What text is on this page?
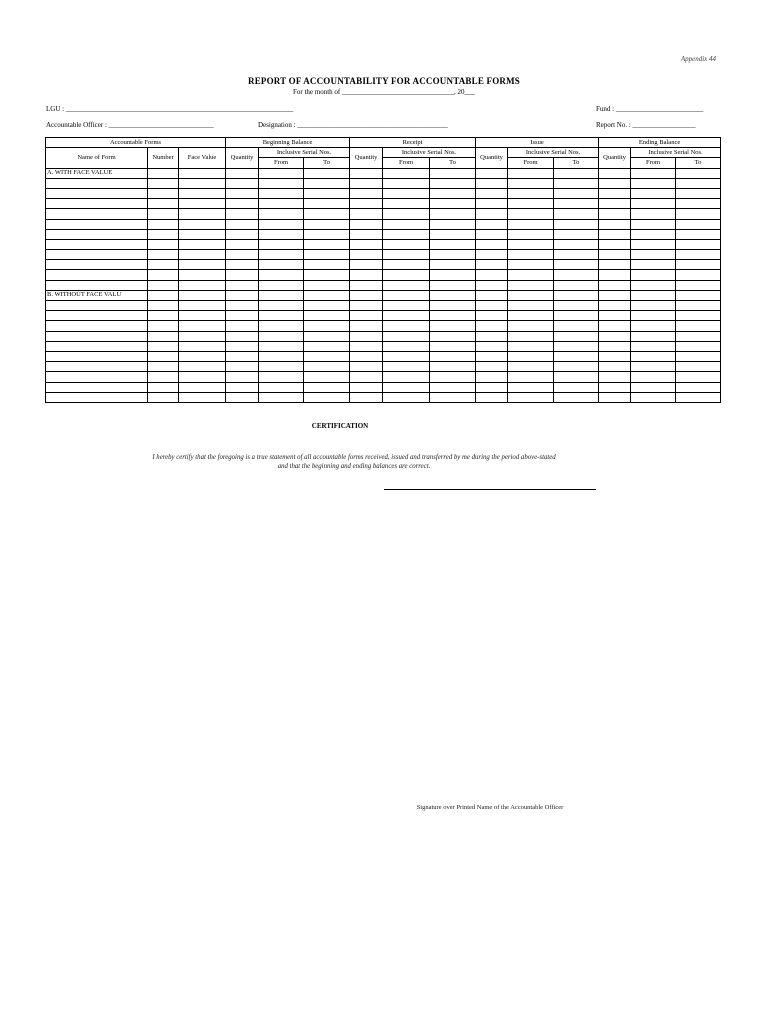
Appendix 44
REPORT OF ACCOUNTABILITY FOR ACCOUNTABLE FORMS
For the month of ________________________________, 20___
LGU : _________________________________________________________________	Fund : _________________________
Accountable Officer : ______________________________	Designation : ___________________________________________	Report No. : __________________
Accountable Forms			Beginning Balance			Receipt			Issue			Ending Balance		
Name of Form	Number	Face Value	Quantity	Inclusive Serial Nos.		Quantity	Inclusive Serial Nos.		Quantity	Inclusive Serial Nos.		Quantity	Inclusive Serial Nos.	
				From	To		From	To		From	To		From	To
A. WITH FACE VALUE														

B. WITHOUT FACE VALU														

CERTIFICATION
I hereby certify that the foregoing is a true statement of all accountable forms received, issued and transferred by me during the period above-stated and that the beginning and ending balances are correct.
Signature over Printed Name of the Accountable Officer
